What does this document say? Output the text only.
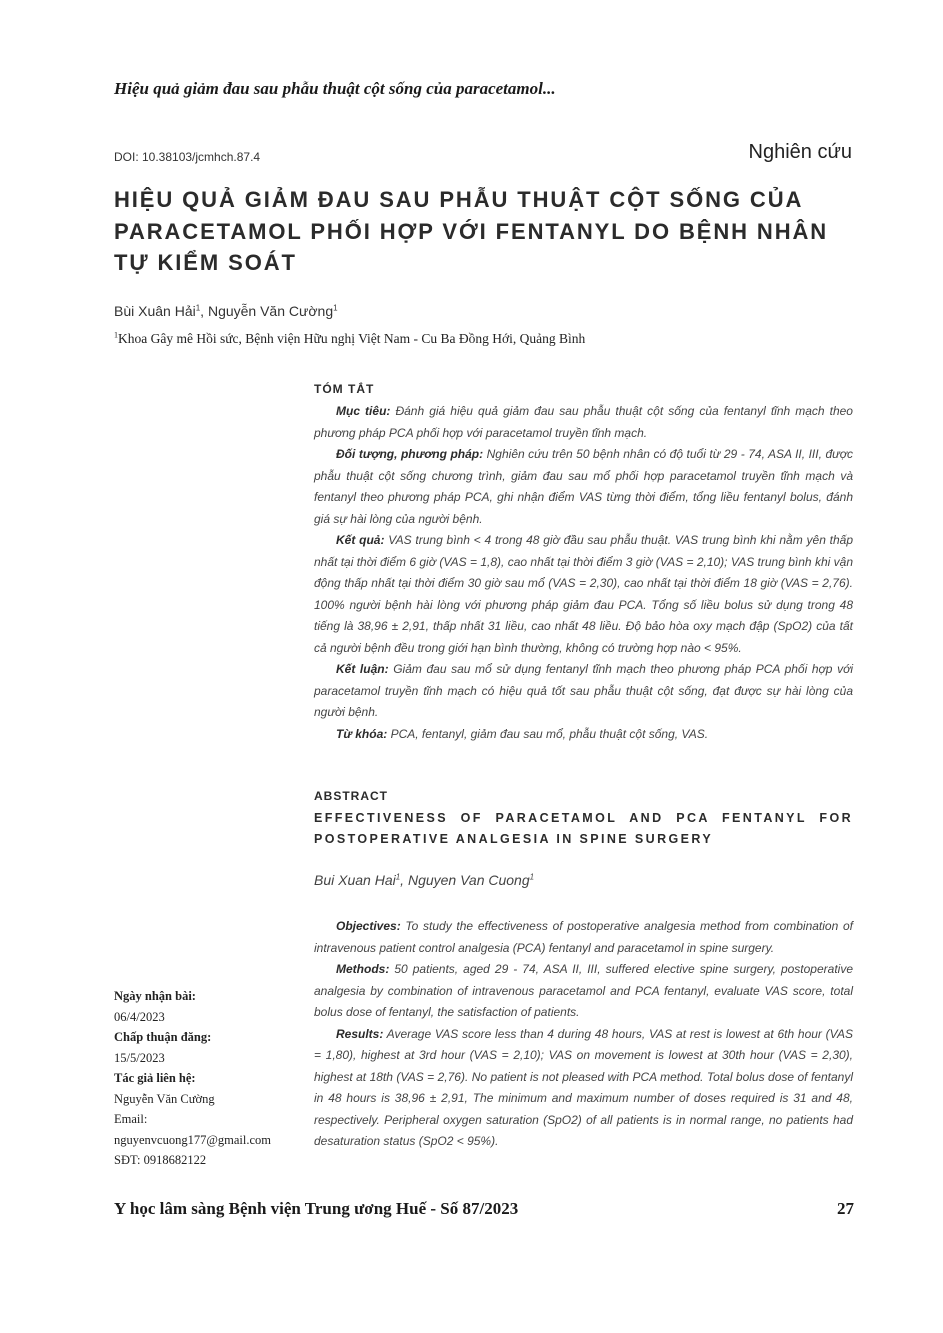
Hiệu quả giảm đau sau phẫu thuật cột sống của paracetamol...
DOI: 10.38103/jcmhch.87.4	Nghiên cứu
HIỆU QUẢ GIẢM ĐAU SAU PHẪU THUẬT CỘT SỐNG CỦA PARACETAMOL PHỐI HỢP VỚI FENTANYL DO BỆNH NHÂN TỰ KIỂM SOÁT
Bùi Xuân Hải$^1$, Nguyễn Văn Cường$^1$
$^1$Khoa Gây mê Hồi sức, Bệnh viện Hữu nghị Việt Nam - Cu Ba Đồng Hới, Quảng Bình
TÓM TẮT

Mục tiêu: Đánh giá hiệu quả giảm đau sau phẫu thuật cột sống của fentanyl tĩnh mạch theo phương pháp PCA phối hợp với paracetamol truyền tĩnh mạch.

Đối tượng, phương pháp: Nghiên cứu trên 50 bệnh nhân có độ tuổi từ 29 - 74, ASA II, III, được phẫu thuật cột sống chương trình, giảm đau sau mổ phối hợp paracetamol truyền tĩnh mạch và fentanyl theo phương pháp PCA, ghi nhận điểm VAS từng thời điểm, tổng liều fentanyl bolus, đánh giá sự hài lòng của người bệnh.

Kết quả: VAS trung bình < 4 trong 48 giờ đầu sau phẫu thuật. VAS trung bình khi nằm yên thấp nhất tại thời điểm 6 giờ (VAS = 1,8), cao nhất tại thời điểm 3 giờ (VAS = 2,10); VAS trung bình khi vận động thấp nhất tại thời điểm 30 giờ sau mổ (VAS = 2,30), cao nhất tại thời điểm 18 giờ (VAS = 2,76). 100% người bệnh hài lòng với phương pháp giảm đau PCA. Tổng số liều bolus sử dụng trong 48 tiếng là 38,96 ± 2,91, thấp nhất 31 liều, cao nhất 48 liều. Độ bảo hòa oxy mạch đập (SpO2) của tất cả người bệnh đều trong giới hạn bình thường, không có trường hợp nào < 95%.

Kết luận: Giảm đau sau mổ sử dụng fentanyl tĩnh mạch theo phương pháp PCA phối hợp với paracetamol truyền tĩnh mạch có hiệu quả tốt sau phẫu thuật cột sống, đạt được sự hài lòng của người bệnh.

Từ khóa: PCA, fentanyl, giảm đau sau mổ, phẫu thuật cột sống, VAS.

ABSTRACT
EFFECTIVENESS OF PARACETAMOL AND PCA FENTANYL FOR
POSTOPERATIVE ANALGESIA IN SPINE SURGERY
Bui Xuan Hai$^1$, Nguyen Van Cuong$^1$

Objectives: To study the effectiveness of postoperative analgesia method from combination of intravenous patient control analgesia (PCA) fentanyl and paracetamol in spine surgery.

Methods: 50 patients, aged 29 - 74, ASA II, III, suffered elective spine surgery, postoperative analgesia by combination of intravenous paracetamol and PCA fentanyl, evaluate VAS score, total bolus dose of fentanyl, the satisfaction of patients.

Results: Average VAS score less than 4 during 48 hours, VAS at rest is lowest at 6th hour (VAS = 1,80), highest at 3rd hour (VAS = 2,10); VAS on movement is lowest at 30th hour (VAS = 2,30), highest at 18th (VAS = 2,76). No patient is not pleased with PCA method. Total bolus dose of fentanyl in 48 hours is 38,96 ± 2,91, The minimum and maximum number of doses required is 31 and 48, respectively. Peripheral oxygen saturation (SpO2) of all patients is in normal range, no patients had desaturation status (SpO2 < 95%).

Ngày nhận bài:
06/4/2023
Chấp thuận đăng:
15/5/2023
Tác giả liên hệ:
Nguyễn Văn Cường
Email:
nguyenvcuong177@gmail.com
SĐT: 0918682122
Y học lâm sàng Bệnh viện Trung ương Huế - Số 87/2023	27
